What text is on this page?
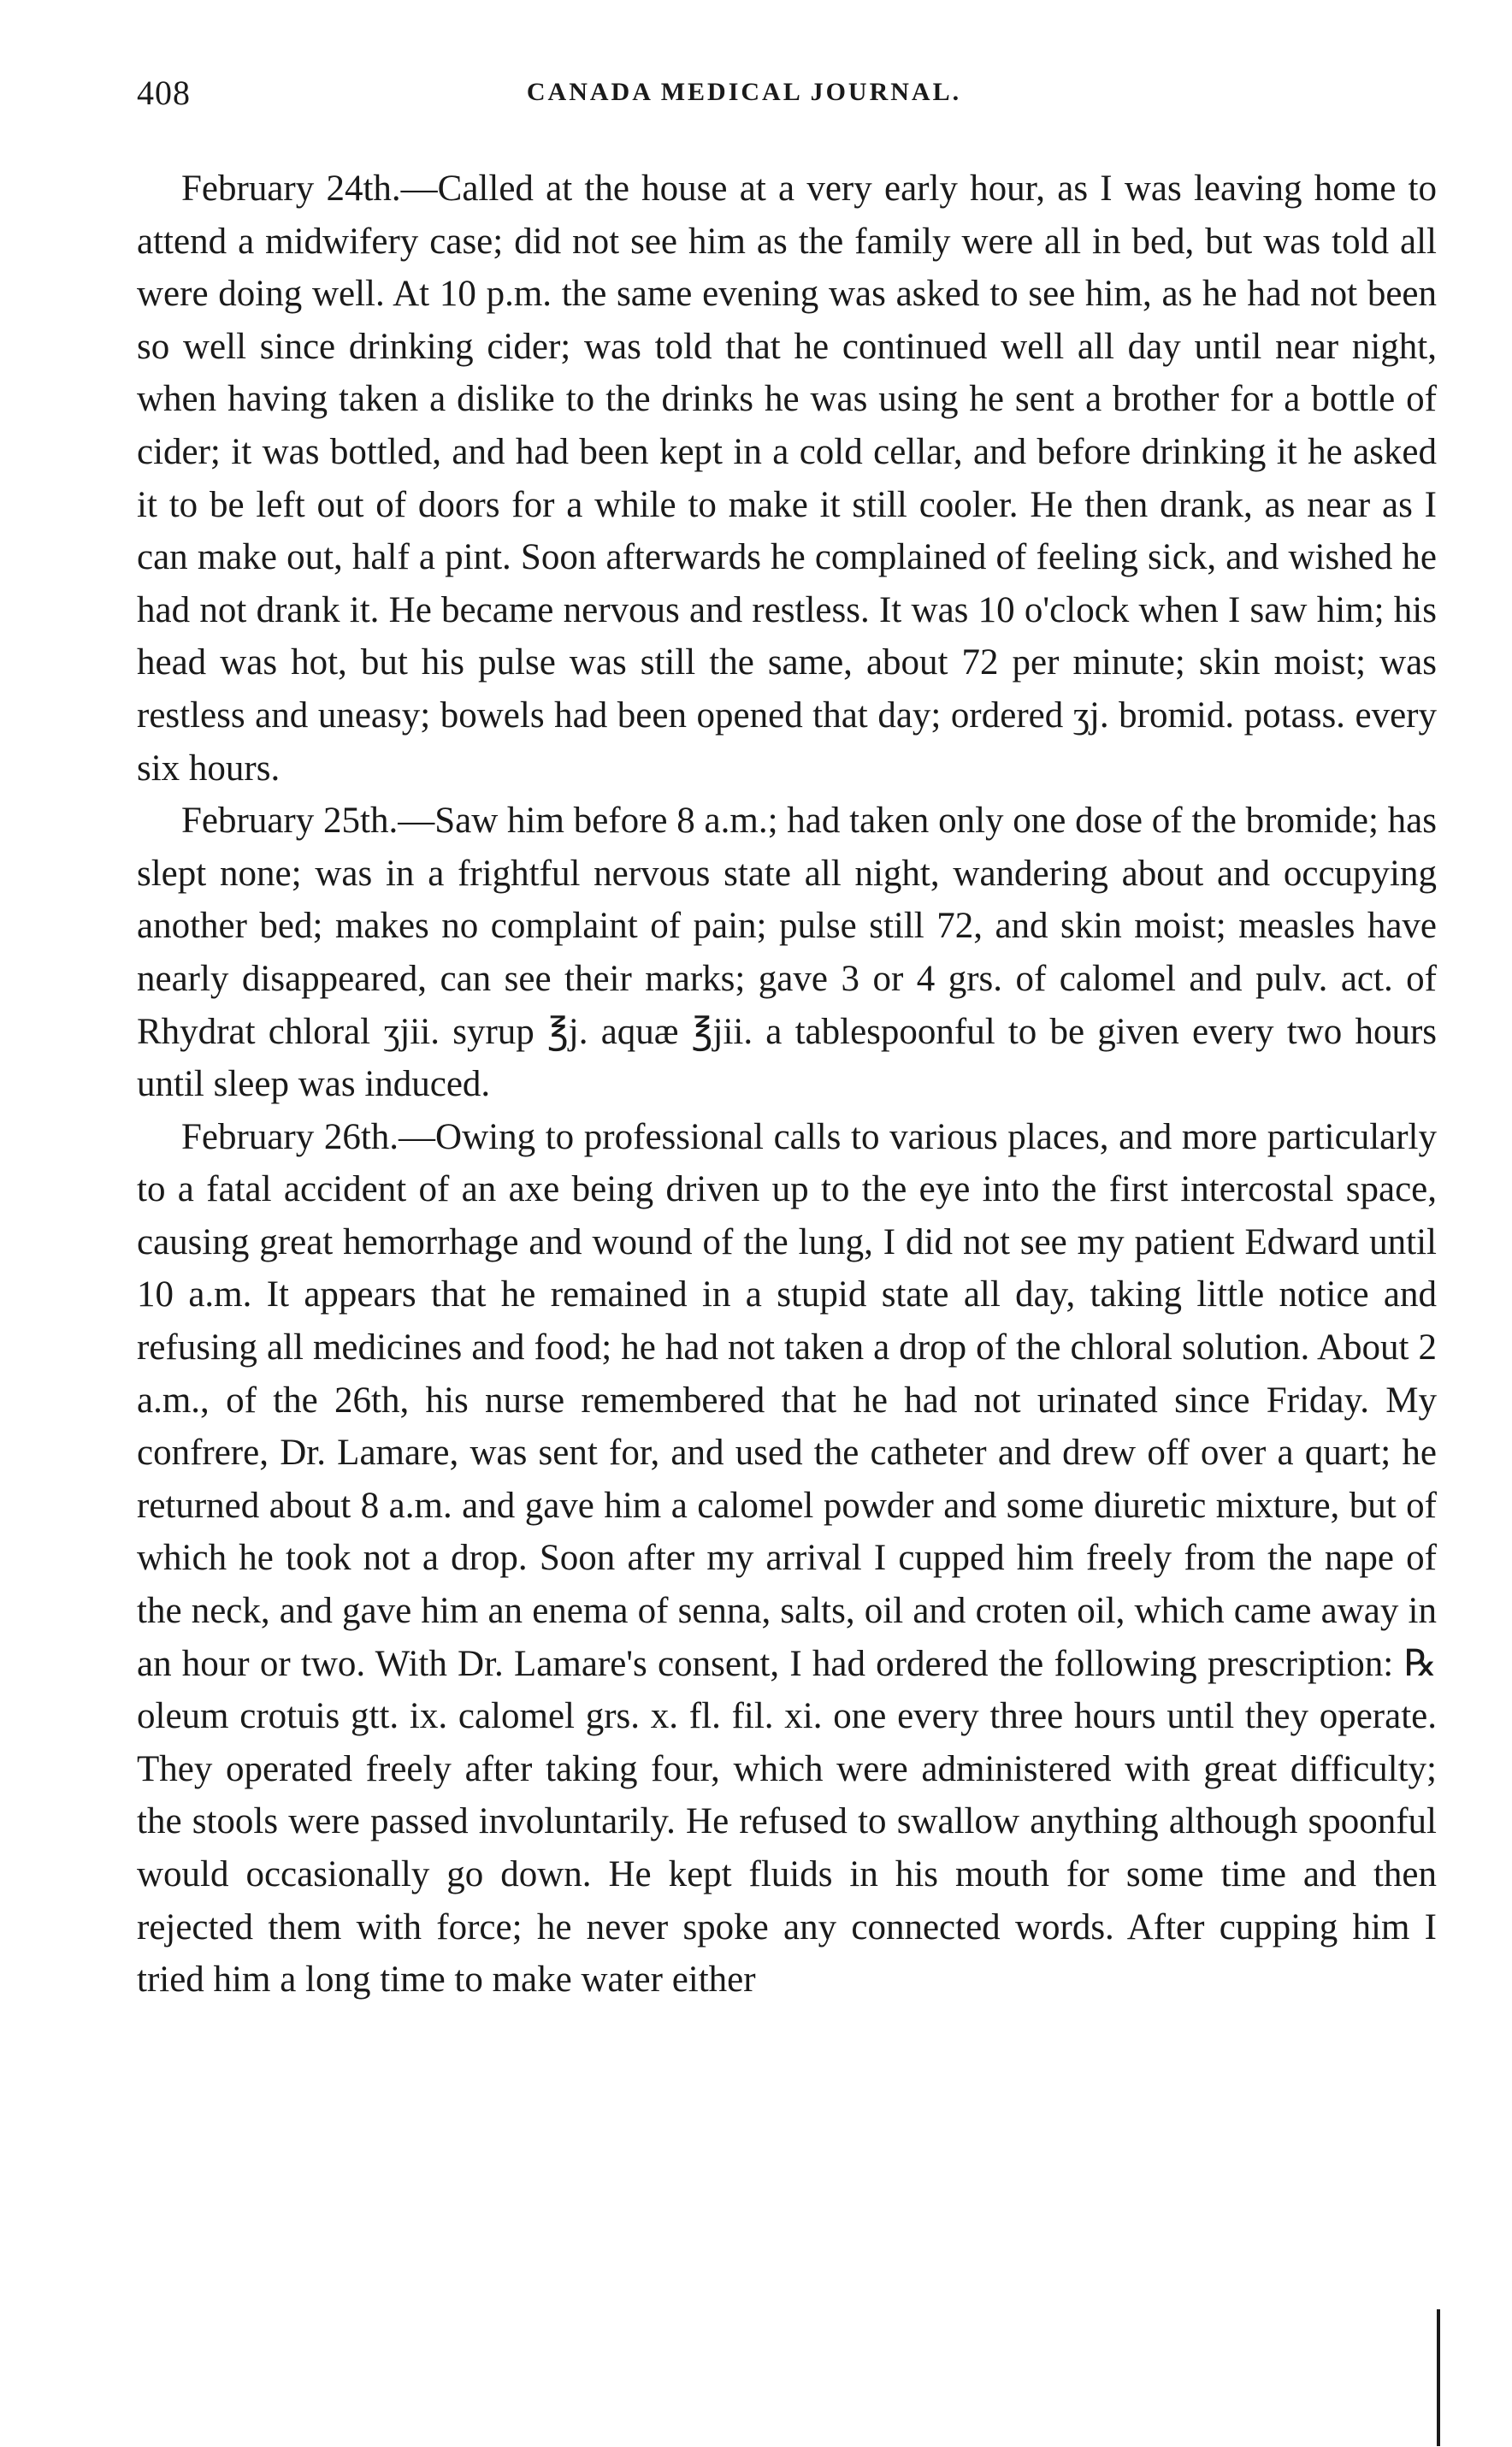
408	CANADA MEDICAL JOURNAL.

February 24th.—Called at the house at a very early hour, as I was leaving home to attend a midwifery case; did not see him as the family were all in bed, but was told all were doing well. At 10 p.m. the same evening was asked to see him, as he had not been so well since drinking cider; was told that he continued well all day until near night, when having taken a dislike to the drinks he was using he sent a brother for a bottle of cider; it was bottled, and had been kept in a cold cellar, and before drinking it he asked it to be left out of doors for a while to make it still cooler. He then drank, as near as I can make out, half a pint. Soon afterwards he complained of feeling sick, and wished he had not drank it. He became nervous and restless. It was 10 o'clock when I saw him; his head was hot, but his pulse was still the same, about 72 per minute; skin moist; was restless and uneasy; bowels had been opened that day; ordered ʒj. bromid. potass. every six hours.

February 25th.—Saw him before 8 a.m.; had taken only one dose of the bromide; has slept none; was in a frightful nervous state all night, wandering about and occupying another bed; makes no complaint of pain; pulse still 72, and skin moist; measles have nearly disappeared, can see their marks; gave 3 or 4 grs. of calomel and pulv. act. of Rhydrat chloral ʒjii. syrup ℥j. aquæ ℥jii. a tablespoonful to be given every two hours until sleep was induced.

February 26th.—Owing to professional calls to various places, and more particularly to a fatal accident of an axe being driven up to the eye into the first intercostal space, causing great hemorrhage and wound of the lung, I did not see my patient Edward until 10 a.m. It appears that he remained in a stupid state all day, taking little notice and refusing all medicines and food; he had not taken a drop of the chloral solution. About 2 a.m., of the 26th, his nurse remembered that he had not urinated since Friday. My confrere, Dr. Lamare, was sent for, and used the catheter and drew off over a quart; he returned about 8 a.m. and gave him a calomel powder and some diuretic mixture, but of which he took not a drop. Soon after my arrival I cupped him freely from the nape of the neck, and gave him an enema of senna, salts, oil and croten oil, which came away in an hour or two. With Dr. Lamare's consent, I had ordered the following prescription: ℞ oleum crotuis gtt. ix. calomel grs. x. fl. fil. xi. one every three hours until they operate. They operated freely after taking four, which were administered with great difficulty; the stools were passed involuntarily. He refused to swallow anything although spoonful would occasionally go down. He kept fluids in his mouth for some time and then rejected them with force; he never spoke any connected words. After cupping him I tried him a long time to make water either
